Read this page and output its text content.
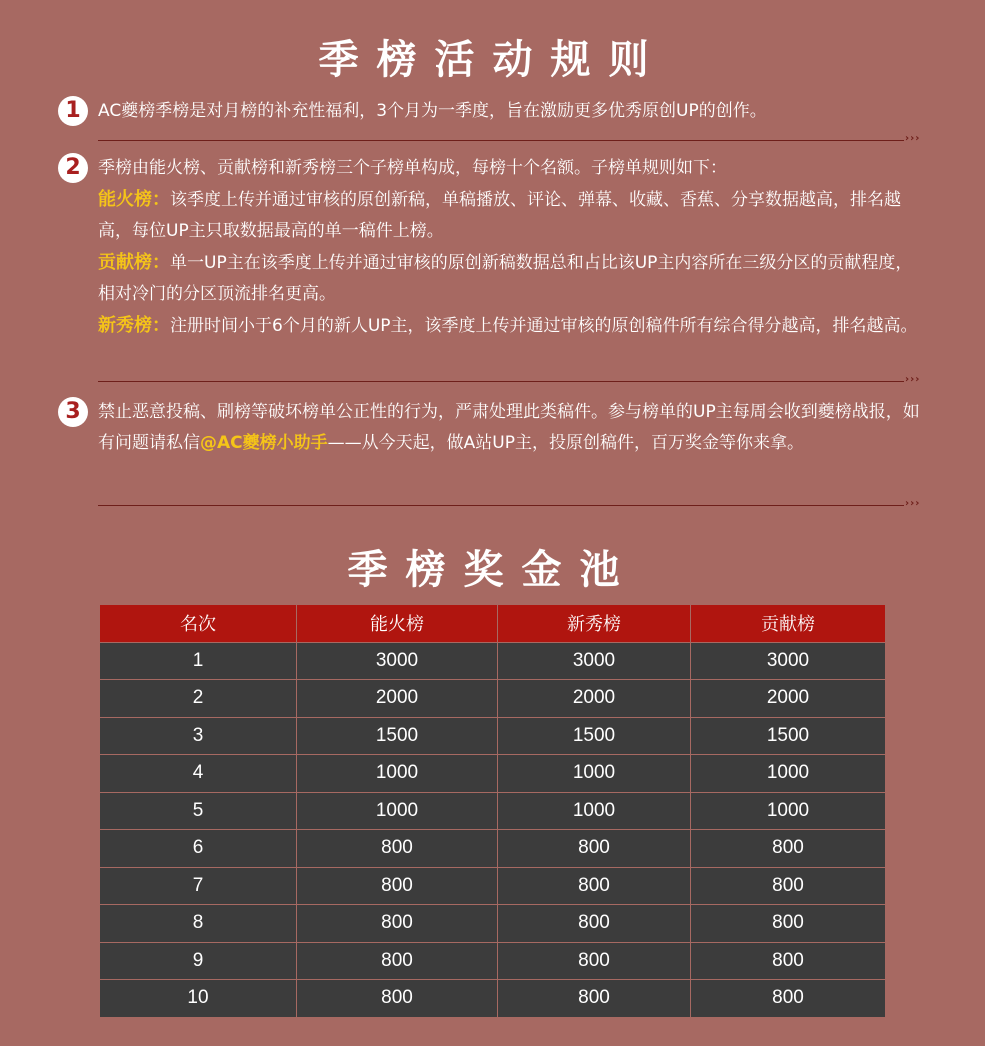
季榜活动规则
1	AC夔榜季榜是对月榜的补充性福利，3个月为一季度，旨在激励更多优秀原创UP的创作。
›››
2	季榜由能火榜、贡献榜和新秀榜三个子榜单构成，每榜十个名额。子榜单规则如下：
能火榜：该季度上传并通过审核的原创新稿，单稿播放、评论、弹幕、收藏、香蕉、分享数据越高，排名越高，每位UP主只取数据最高的单一稿件上榜。
贡献榜：单一UP主在该季度上传并通过审核的原创新稿数据总和占比该UP主内容所在三级分区的贡献程度，相对冷门的分区顶流排名更高。
新秀榜：注册时间小于6个月的新人UP主，该季度上传并通过审核的原创稿件所有综合得分越高，排名越高。
›››
3	禁止恶意投稿、刷榜等破坏榜单公正性的行为，严肃处理此类稿件。参与榜单的UP主每周会收到夔榜战报，如有问题请私信@AC夔榜小助手——从今天起，做A站UP主，投原创稿件，百万奖金等你来拿。
›››
季榜奖金池
名次	能火榜	新秀榜	贡献榜
1	3000	3000	3000
2	2000	2000	2000
3	1500	1500	1500
4	1000	1000	1000
5	1000	1000	1000
6	800	800	800
7	800	800	800
8	800	800	800
9	800	800	800
10	800	800	800
